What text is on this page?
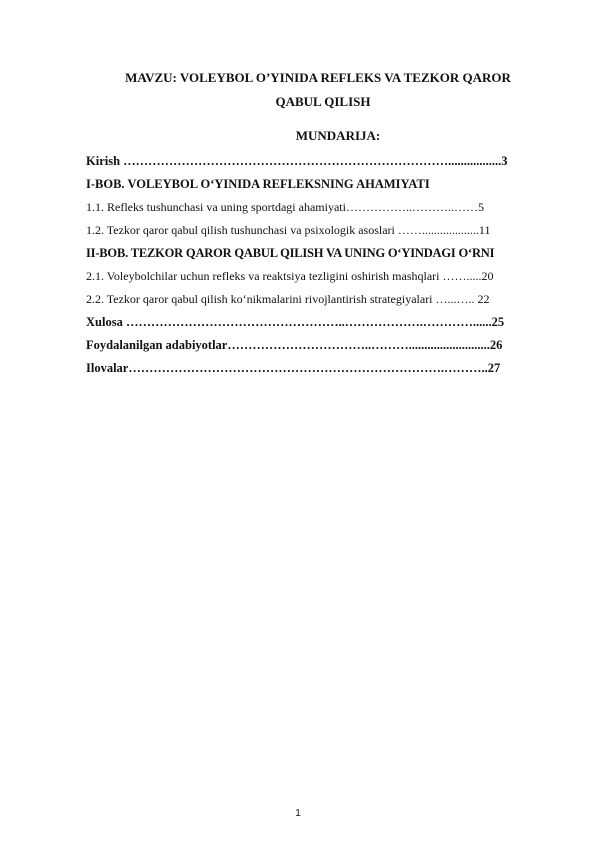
MAVZU: VOLEYBOL O’YINIDA REFLEKS VA TEZKOR QAROR
QABUL QILISH
MUNDARIJA:
Kirish …………………………………………………………………….................3
I-BOB. VOLEYBOL O‘YINIDA REFLEKSNING AHAMIYATI
1.1. Refleks tushunchasi va uning sportdagi ahamiyati……………..………..……5
1.2. Tezkor qaror qabul qilish tushunchasi va psixologik asoslari ……...................11
II-BOB. TEZKOR QAROR QABUL QILISH VA UNING O‘YINDAGI O‘RNI
2.1. Voleybolchilar uchun refleks va reaktsiya tezligini oshirish mashqlari …….....20
2.2. Tezkor qaror qabul qilish ko‘nikmalarini rivojlantirish strategiyalari …...….. 22
Xulosa ……………………………………………..……………….…………......25
Foydalanilgan adabiyotlar……………………………..………..........................26
Ilovalar………………………………………………………………….………..27
1
